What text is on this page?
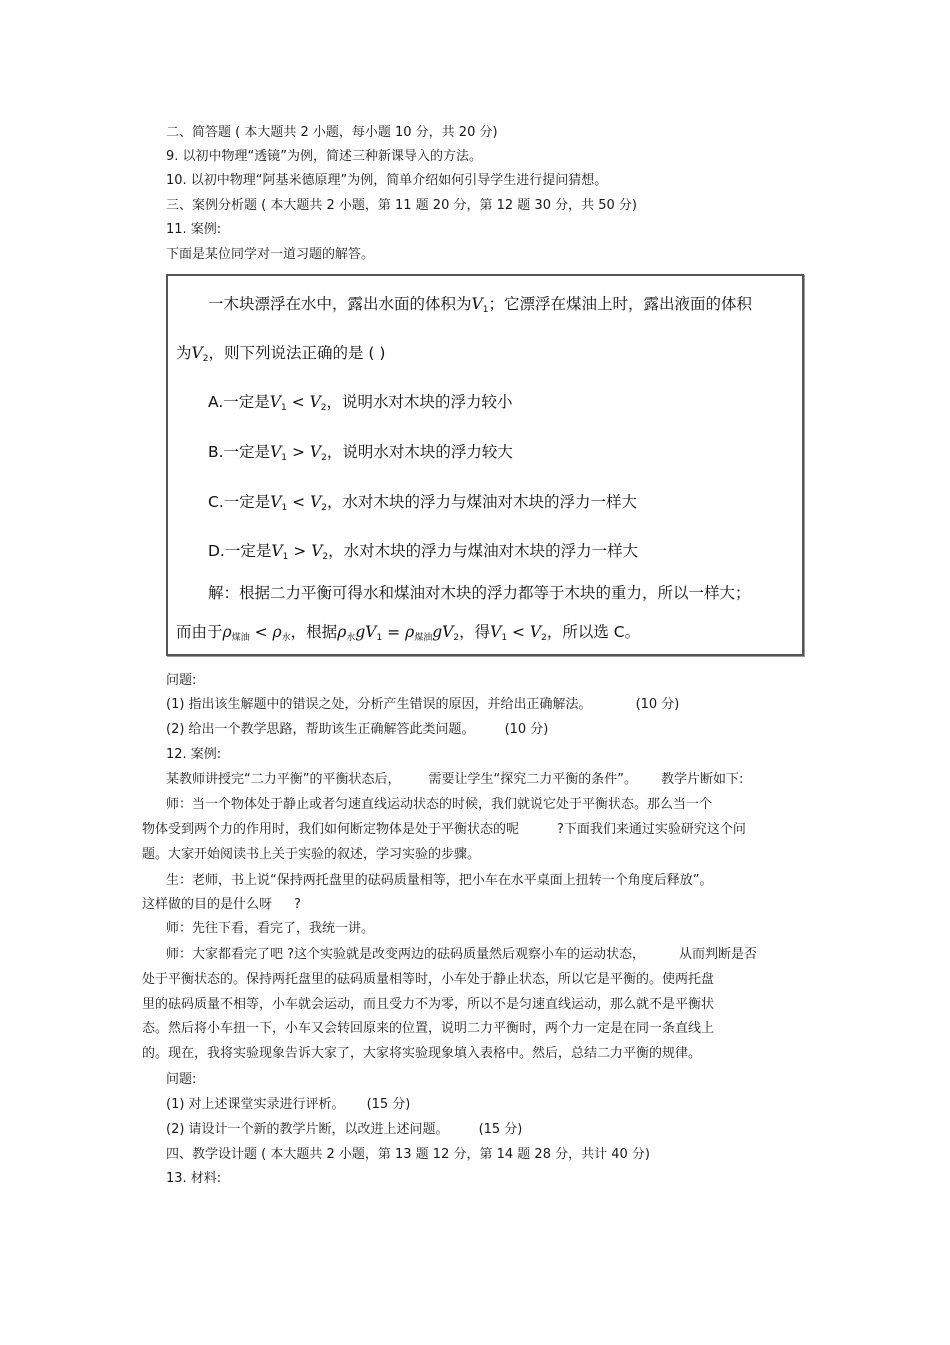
二、简答题 ( 本大题共 2 小题，每小题 10 分，共 20 分)
9. 以初中物理“透镜”为例，简述三种新课导入的方法。
10. 以初中物理“阿基米德原理”为例，简单介绍如何引导学生进行提问猜想。
三、案例分析题 ( 本大题共 2 小题，第 11 题 20 分，第 12 题 30 分，共 50 分)
11. 案例:
下面是某位同学对一道习题的解答。
一木块漂浮在水中，露出水面的体积为$V_1$；它漂浮在煤油上时，露出液面的体积
为$V_2$，则下列说法正确的是 ( )
A.一定是$V_1 < V_2$，说明水对木块的浮力较小
B.一定是$V_1 > V_2$，说明水对木块的浮力较大
C.一定是$V_1 < V_2$，水对木块的浮力与煤油对木块的浮力一样大
D.一定是$V_1 > V_2$，水对木块的浮力与煤油对木块的浮力一样大
解：根据二力平衡可得水和煤油对木块的浮力都等于木块的重力，所以一样大；
而由于$\rho_{煤油} < \rho_水$，根据$\rho_水gV_1 = \rho_{煤油}gV_2$，得$V_1 < V_2$，所以选 C。
问题:
(1) 指出该生解题中的错误之处，分析产生错误的原因，并给出正确解法。	(10 分)
(2) 给出一个教学思路，帮助该生正确解答此类问题。 (10 分)
12. 案例:
某教师讲授完“二力平衡”的平衡状态后， 需要让学生“探究二力平衡的条件”。 教学片断如下:
师：当一个物体处于静止或者匀速直线运动状态的时候，我们就说它处于平衡状态。那么当一个
物体受到两个力的作用时，我们如何断定物体是处于平衡状态的呢	?下面我们来通过实验研究这个问
题。大家开始阅读书上关于实验的叙述，学习实验的步骤。
生：老师，书上说“保持两托盘里的砝码质量相等，把小车在水平桌面上扭转一个角度后释放”。
这样做的目的是什么呀 ?
师：先往下看，看完了，我统一讲。
师：大家都看完了吧 ?这个实验就是改变两边的砝码质量然后观察小车的运动状态，	从而判断是否
处于平衡状态的。保持两托盘里的砝码质量相等时，小车处于静止状态，所以它是平衡的。使两托盘
里的砝码质量不相等，小车就会运动，而且受力不为零，所以不是匀速直线运动，那么就不是平衡状
态。然后将小车扭一下，小车又会转回原来的位置，说明二力平衡时，两个力一定是在同一条直线上
的。现在，我将实验现象告诉大家了，大家将实验现象填入表格中。然后，总结二力平衡的规律。
问题:
(1) 对上述课堂实录进行评析。 (15 分)
(2) 请设计一个新的教学片断，以改进上述问题。 (15 分)
四、教学设计题 ( 本大题共 2 小题，第 13 题 12 分，第 14 题 28 分，共计 40 分)
13. 材料:
